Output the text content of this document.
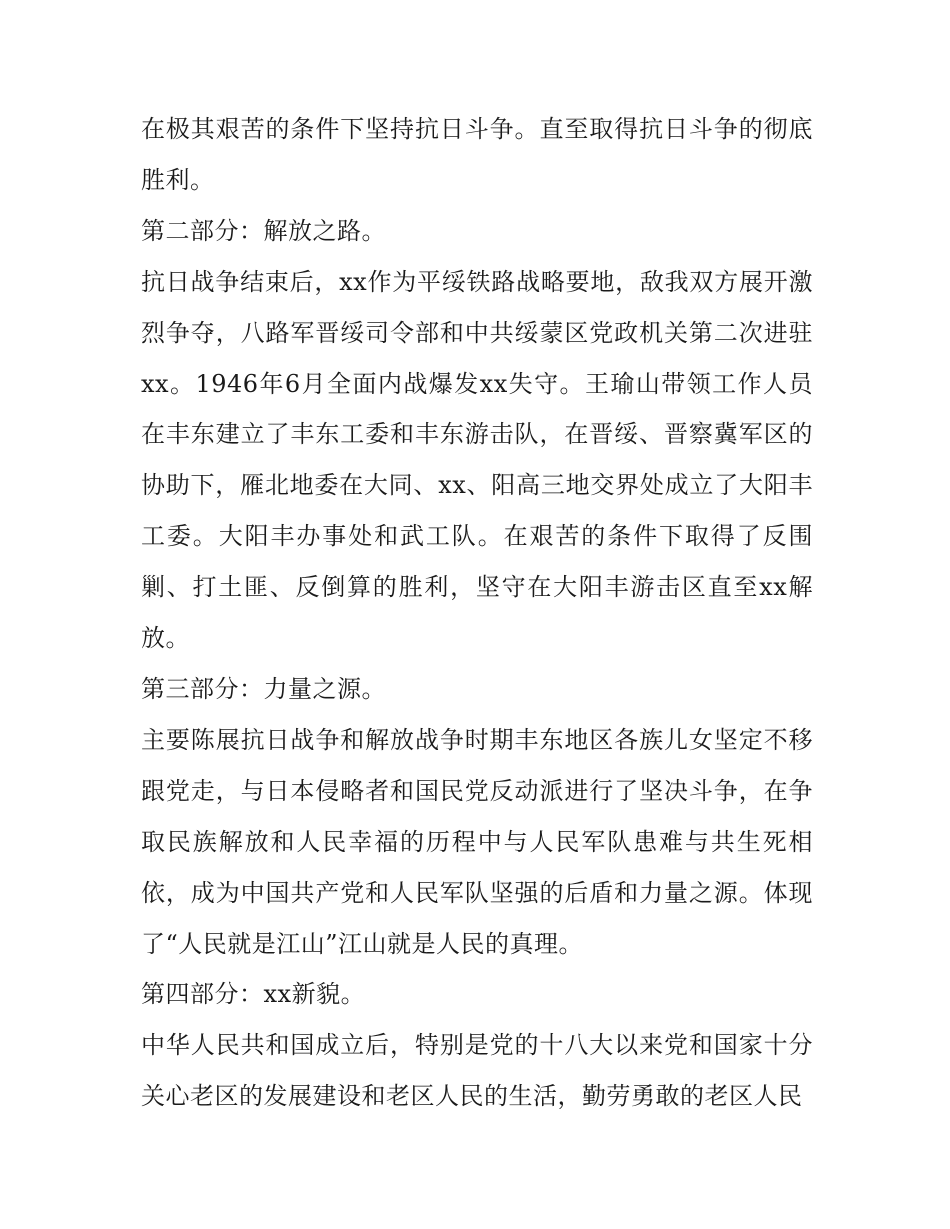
在极其艰苦的条件下坚持抗日斗争。直至取得抗日斗争的彻底胜利。

第二部分：解放之路。

抗日战争结束后，xx作为平绥铁路战略要地，敌我双方展开激烈争夺，八路军晋绥司令部和中共绥蒙区党政机关第二次进驻xx。1946年6月全面内战爆发xx失守。王瑜山带领工作人员在丰东建立了丰东工委和丰东游击队，在晋绥、晋察冀军区的协助下，雁北地委在大同、xx、阳高三地交界处成立了大阳丰工委。大阳丰办事处和武工队。在艰苦的条件下取得了反围剿、打土匪、反倒算的胜利，坚守在大阳丰游击区直至xx解放。

第三部分：力量之源。

主要陈展抗日战争和解放战争时期丰东地区各族儿女坚定不移跟党走，与日本侵略者和国民党反动派进行了坚决斗争，在争取民族解放和人民幸福的历程中与人民军队患难与共生死相依，成为中国共产党和人民军队坚强的后盾和力量之源。体现了“人民就是江山”江山就是人民的真理。

第四部分：xx新貌。

中华人民共和国成立后，特别是党的十八大以来党和国家十分关心老区的发展建设和老区人民的生活，勤劳勇敢的老区人民
